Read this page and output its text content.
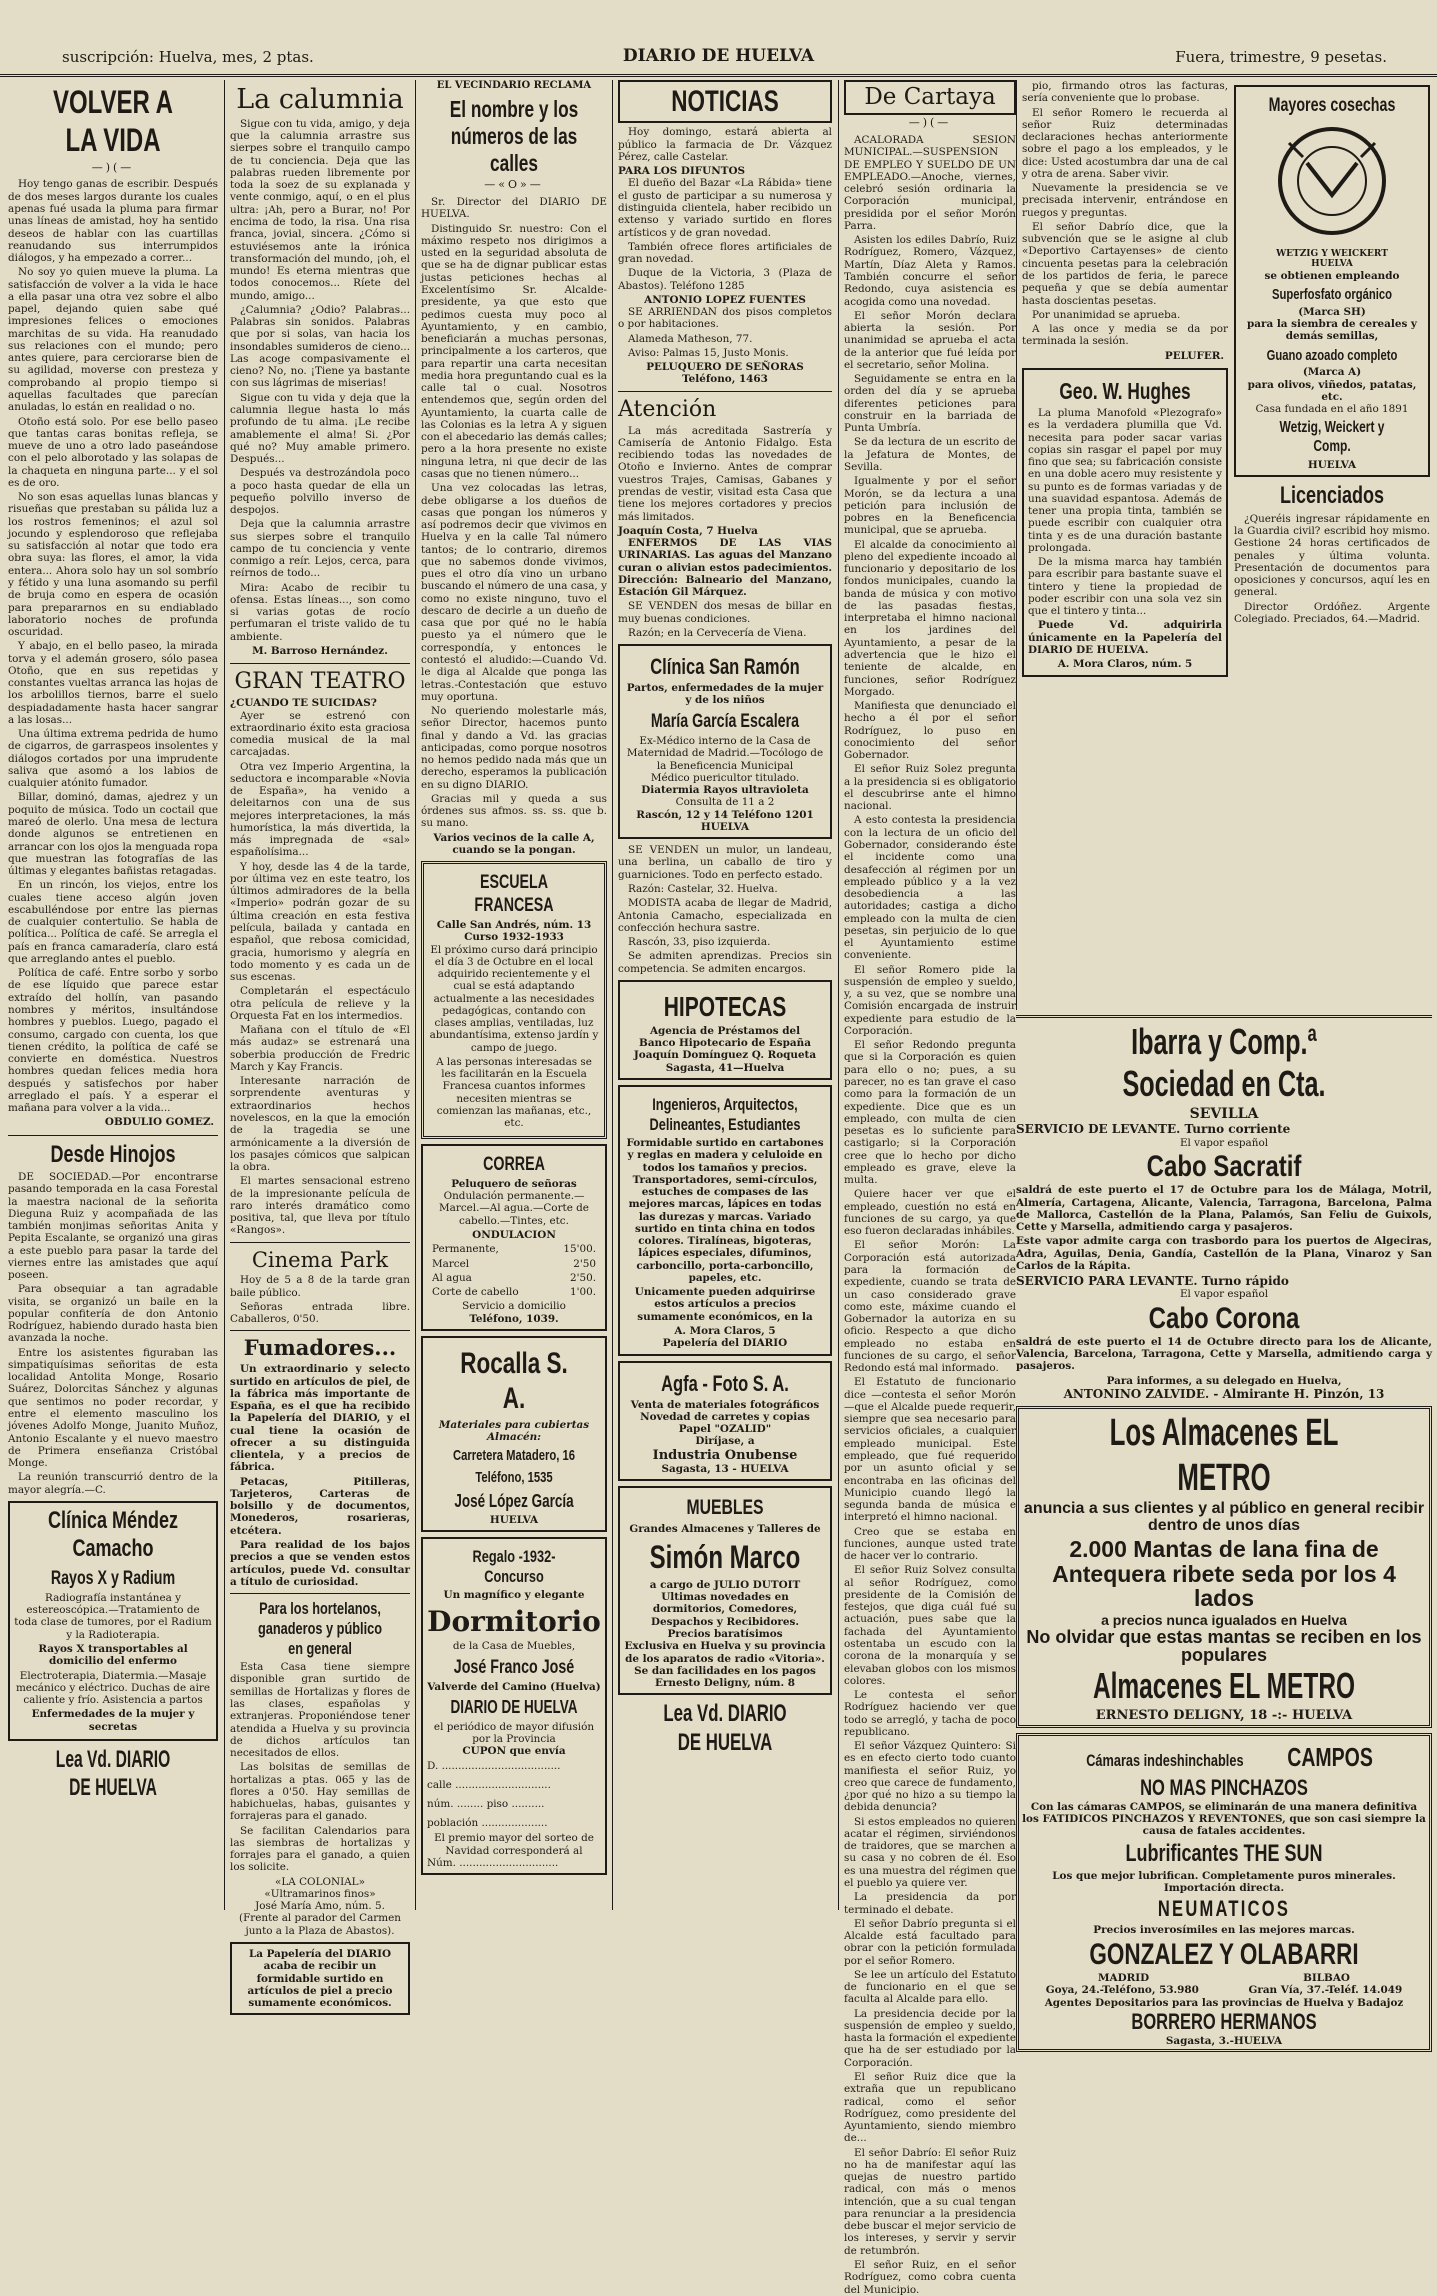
suscripción: Huelva, mes, 2 ptas.	DIARIO DE HUELVA	Fuera, trimestre, 9 pesetas.
VOLVER A LA VIDA
—)(—

Hoy tengo ganas de escribir. Después de dos meses largos durante los cuales apenas fué usada la pluma para firmar unas líneas de amistad, hoy ha sentido deseos de hablar con las cuartillas reanudando sus interrumpidos diálogos, y ha empezado a correr...

No soy yo quien mueve la pluma. La satisfacción de volver a la vida le hace a ella pasar una otra vez sobre el albo papel, dejando quien sabe qué impresiones felices o emociones marchitas de su vida. Ha reanudado sus relaciones con el mundo; pero antes quiere, para cerciorarse bien de su agilidad, moverse con presteza y comprobando al propio tiempo si aquellas facultades que parecían anuladas, lo están en realidad o no.

Otoño está solo. Por ese bello paseo que tantas caras bonitas refleja, se mueve de uno a otro lado paseándose con el pelo alborotado y las solapas de la chaqueta en ninguna parte... y el sol es de oro.

No son esas aquellas lunas blancas y risueñas que prestaban su pálida luz a los rostros femeninos; el azul sol jocundo y esplendoroso que reflejaba su satisfacción al notar que todo era obra suya: las flores, el amor, la vida entera... Ahora solo hay un sol sombrío y fétido y una luna asomando su perfil de bruja como en espera de ocasión para prepararnos en su endiablado laboratorio noches de profunda oscuridad.

Y abajo, en el bello paseo, la mirada torva y el ademán grosero, sólo pasea Otoño, que en sus repetidas y constantes vueltas arranca las hojas de los arbolillos tiernos, barre el suelo despiadadamente hasta hacer sangrar a las losas...

Una última extrema pedrida de humo de cigarros, de garraspeos insolentes y diálogos cortados por una imprudente saliva que asomó a los labios de cualquier atónito fumador.

Billar, dominó, damas, ajedrez y un poquito de música. Todo un coctail que mareó de olerlo. Una mesa de lectura donde algunos se entretienen en arrancar con los ojos la menguada ropa que muestran las fotografías de las últimas y elegantes bañistas retagadas.

En un rincón, los viejos, entre los cuales tiene acceso algún joven escabulléndose por entre las piernas de cualquier contertulio. Se habla de política... Política de café. Se arregla el país en franca camaradería, claro está que arreglando antes el pueblo.

Política de café. Entre sorbo y sorbo de ese líquido que parece estar extraído del hollín, van pasando nombres y méritos, insultándose hombres y pueblos. Luego, pagado el consumo, cargado con cuenta, los que tienen crédito, la política de café se convierte en doméstica. Nuestros hombres quedan felices media hora después y satisfechos por haber arreglado el país. Y a esperar el mañana para volver a la vida...

OBDULIO GOMEZ.
Desde Hinojos

DE SOCIEDAD.—Por encontrarse pasando temporada en la casa Forestal la maestra nacional de la señorita Dieguna Ruiz y acompañada de las también monjimas señoritas Anita y Pepita Escalante, se organizó una giras a este pueblo para pasar la tarde del viernes entre las amistades que aquí poseen.

Para obsequiar a tan agradable visita, se organizó un baile en la popular confitería de don Antonio Rodríguez, habiendo durado hasta bien avanzada la noche.

Entre los asistentes figuraban las simpatiquísimas señoritas de esta localidad Antolita Monge, Rosario Suárez, Dolorcitas Sánchez y algunas que sentimos no poder recordar, y entre el elemento masculino los jóvenes Adolfo Monge, Juanito Muñoz, Antonio Escalante y el nuevo maestro de Primera enseñanza Cristóbal Monge.

La reunión transcurrió dentro de la mayor alegría.—C.

Clínica Méndez Camacho
Rayos X y Radium

Radiografía instantánea y estereoscópica.—Tratamiento de toda clase de tumores, por el Radium y la Radioterapia.

Rayos X transportables al domicilio del enfermo

Electroterapia, Diatermia.—Masaje mecánico y eléctrico. Duchas de aire caliente y frío. Asistencia a partos

Enfermedades de la mujer y secretas

Lea Vd. DIARIO DE HUELVA
La calumnia

Sigue con tu vida, amigo, y deja que la calumnia arrastre sus sierpes sobre el tranquilo campo de tu conciencia. Deja que las palabras rueden libremente por toda la soez de su explanada y vente conmigo, aquí, o en el plus ultra: ¡Ah, pero a Burar, no! Por encima de todo, la risa. Una risa franca, jovial, sincera. ¿Cómo si estuviésemos ante la irónica transformación del mundo, ¡oh, el mundo! Es eterna mientras que todos conocemos... Ríete del mundo, amigo...

¿Calumnia? ¿Odio? Palabras... Palabras sin sonidos. Palabras que por si solas, van hacia los insondables sumideros de cieno... Las acoge compasivamente el cieno? No, no. ¡Tiene ya bastante con sus lágrimas de miserias!

Sigue con tu vida y deja que la calumnia llegue hasta lo más profundo de tu alma. ¡Le recibe amablemente el alma! Si. ¿Por qué no? Muy amable primero. Después...

Después va destrozándola poco a poco hasta quedar de ella un pequeño polvillo inverso de despojos.

Deja que la calumnia arrastre sus sierpes sobre el tranquilo campo de tu conciencia y vente conmigo a reír. Lejos, cerca, para reírnos de todo...

Mira: Acabo de recibir tu ofensa. Estas líneas..., son como si varias gotas de rocío perfumaran el triste valido de tu ambiente.

M. Barroso Hernández.
GRAN TEATRO
¿CUANDO TE SUICIDAS?

Ayer se estrenó con extraordinario éxito esta graciosa comedia musical de la mal carcajadas.

Otra vez Imperio Argentina, la seductora e incomparable «Novia de España», ha venido a deleitarnos con una de sus mejores interpretaciones, la más humorística, la más divertida, la más impregnada de «sal» españolísima...

Y hoy, desde las 4 de la tarde, por última vez en este teatro, los últimos admiradores de la bella «Imperio» podrán gozar de su última creación en esta festiva película, bailada y cantada en español, que rebosa comicidad, gracia, humorismo y alegría en todo momento y es cada un de sus escenas.

Completarán el espectáculo otra película de relieve y la Orquesta Fat en los intermedios.

Mañana con el título de «El más audaz» se estrenará una soberbia producción de Fredric March y Kay Francis.

Interesante narración de sorprendente aventuras y extraordinarios hechos novelescos, en la que la emoción de la tragedia se une armónicamente a la diversión de los pasajes cómicos que salpican la obra.

El martes sensacional estreno de la impresionante película de raro interés dramático como positiva, tal, que lleva por título «Rangos».

Cinema Park

Hoy de 5 a 8 de la tarde gran baile público.

Señoras entrada libre. Caballeros, 0'50.

Fumadores...

Un extraordinario y selecto surtido en artículos de piel, de la fábrica más importante de España, es el que ha recibido la Papelería del DIARIO, y el cual tiene la ocasión de ofrecer a su distinguida clientela, y a precios de fábrica.

Petacas, Pitilleras, Tarjeteros, Carteras de bolsillo y de documentos, Monederos, rosarieras, etcétera.

Para realidad de los bajos precios a que se venden estos artículos, puede Vd. consultar a título de curiosidad.

Para los hortelanos, ganaderos y público en general

Esta Casa tiene siempre disponible gran surtido de semillas de Hortalizas y flores de las clases, españolas y extranjeras. Proponiéndose tener atendida a Huelva y su provincia de dichos artículos tan necesitados de ellos.

Las bolsitas de semillas de hortalizas a ptas. 065 y las de flores a 0'50. Hay semillas de habichuelas, habas, guisantes y forrajeras para el ganado.

Se facilitan Calendarios para las siembras de hortalizas y forrajes para el ganado, a quien los solicite.

«LA COLONIAL»
«Ultramarinos finos»
José María Amo, núm. 5.
(Frente al parador del Carmen junto a la Plaza de Abastos).
La Papelería del DIARIO acaba de recibir un formidable surtido en artículos de piel a precio sumamente económicos.
EL VECINDARIO RECLAMA
El nombre y los números de las calles
—«O»—

Sr. Director del DIARIO DE HUELVA.

Distinguido Sr. nuestro: Con el máximo respeto nos dirigimos a usted en la seguridad absoluta de que se ha de dignar publicar estas justas peticiones hechas al Excelentísimo Sr. Alcalde-presidente, ya que esto que pedimos cuesta muy poco al Ayuntamiento, y en cambio, beneficiarán a muchas personas, principalmente a los carteros, que para repartir una carta necesitan media hora preguntando cual es la calle tal o cual. Nosotros entendemos que, según orden del Ayuntamiento, la cuarta calle de las Colonias es la letra A y siguen con el abecedario las demás calles; pero a la hora presente no existe ninguna letra, ni que decir de las casas que no tienen número...

Una vez colocadas las letras, debe obligarse a los dueños de casas que pongan los números y así podremos decir que vivimos en Huelva y en la calle Tal número tantos; de lo contrario, diremos que no sabemos donde vivimos, pues el otro día vino un urbano buscando el número de una casa, y como no existe ninguno, tuvo el descaro de decirle a un dueño de casa que por qué no le había puesto ya el número que le correspondía, y entonces le contestó el aludido:—Cuando Vd. le diga al Alcalde que ponga las letras.-Contestación que estuvo muy oportuna.

No queriendo molestarle más, señor Director, hacemos punto final y dando a Vd. las gracias anticipadas, como porque nosotros no hemos pedido nada más que un derecho, esperamos la publicación en su digno DIARIO.

Gracias mil y queda a sus órdenes sus afmos. ss. ss. que b. su mano.

Varios vecinos de la calle A, cuando se la pongan.
ESCUELA FRANCESA
Calle San Andrés, núm. 13
Curso 1932-1933

El próximo curso dará principio el día 3 de Octubre en el local adquirido recientemente y el cual se está adaptando actualmente a las necesidades pedagógicas, contando con clases amplias, ventiladas, luz abundantísima, extenso jardín y campo de juego.

A las personas interesadas se les facilitarán en la Escuela Francesa cuantos informes necesiten mientras se comienzan las mañanas, etc., etc.

CORREA
Peluquero de señoras

Ondulación permanente.—Marcel.—Al agua.—Corte de cabello.—Tintes, etc.

ONDULACION
Permanente,	15'00.
Marcel	2'50
Al agua	2'50.
Corte de cabello	1'00.
Servicio a domicilio
Teléfono, 1039.
Rocalla S. A.
Materiales para cubiertas
Almacén:
Carretera Matadero, 16
Teléfono, 1535
José López García
HUELVA
Regalo -1932- Concurso
Un magnífico y elegante
Dormitorio
de la Casa de Muebles,
José Franco José
Valverde del Camino (Huelva)
DIARIO DE HUELVA
el periódico de mayor difusión por la Provincia
CUPON que envía
D. ....................................
calle .............................
núm. ........ piso ..........
población ....................
El premio mayor del sorteo de Navidad corresponderá al
Núm. ..............................
NOTICIAS

Hoy domingo, estará abierta al público la farmacia de Dr. Vázquez Pérez, calle Castelar.

PARA LOS DIFUNTOS

El dueño del Bazar «La Rábida» tiene el gusto de participar a su numerosa y distinguida clientela, haber recibido un extenso y variado surtido en flores artísticos y de gran novedad.

También ofrece flores artificiales de gran novedad.

Duque de la Victoria, 3 (Plaza de Abastos). Teléfono 1285

ANTONIO LOPEZ FUENTES

SE ARRIENDAN dos pisos completos o por habitaciones.

Alameda Matheson, 77.

Aviso: Palmas 15, Justo Monis.

PELUQUERO DE SEÑORAS
Teléfono, 1463
Atención

La más acreditada Sastrería y Camisería de Antonio Fidalgo. Esta recibiendo todas las novedades de Otoño e Invierno. Antes de comprar vuestros Trajes, Camisas, Gabanes y prendas de vestir, visitad esta Casa que tiene los mejores cortadores y precios más limitados.

Joaquín Costa, 7 Huelva

ENFERMOS DE LAS VIAS URINARIAS. Las aguas del Manzano curan o alivian estos padecimientos. Dirección: Balneario del Manzano, Estación Gil Márquez.

SE VENDEN dos mesas de billar en muy buenas condiciones.

Razón; en la Cervecería de Viena.

Clínica San Ramón
Partos, enfermedades de la mujer y de los niños
María García Escalera
Ex-Médico interno de la Casa de Maternidad de Madrid.—Tocólogo de la Beneficencia Municipal
Médico puericultor titulado.
Diatermia Rayos ultravioleta
Consulta de 11 a 2
Rascón, 12 y 14 Teléfono 1201
HUELVA

SE VENDEN un mulor, un landeau, una berlina, un caballo de tiro y guarniciones. Todo en perfecto estado.

Razón: Castelar, 32. Huelva.

MODISTA acaba de llegar de Madrid, Antonia Camacho, especializada en confección hechura sastre.

Rascón, 33, piso izquierda.

Se admiten aprendizas. Precios sin competencia. Se admiten encargos.

HIPOTECAS
Agencia de Préstamos del
Banco Hipotecario de España
Joaquín Domínguez Q. Roqueta
Sagasta, 41—Huelva
Ingenieros, Arquitectos, Delineantes, Estudiantes

Formidable surtido en cartabones y reglas en madera y celuloide en todos los tamaños y precios. Transportadores, semi-círculos, estuches de compases de las mejores marcas, lápices en todas las durezas y marcas. Variado surtido en tinta china en todos colores. Tiralíneas, bigoteras, lápices especiales, difuminos, carboncillo, porta-carboncillo, papeles, etc.

Unicamente pueden adquirirse estos artículos a precios sumamente económicos, en la

A. Mora Claros, 5
Papelería del DIARIO
Agfa - Foto S. A.
Venta de materiales fotográficos
Novedad de carretes y copias
Papel "OZALID"
Diríjase, a
Industria Onubense
Sagasta, 13 - HUELVA
MUEBLES
Grandes Almacenes y Talleres de
Simón Marco
a cargo de JULIO DUTOIT
Ultimas novedades en dormitorios, Comedores, Despachos y Recibidores.
Precios baratísimos
Exclusiva en Huelva y su provincia de los aparatos de radio «Vitoria».
Se dan facilidades en los pagos
Ernesto Deligny, núm. 8
Lea Vd. DIARIO DE HUELVA
De Cartaya
—)(—

ACALORADA SESION MUNICIPAL.—SUSPENSION DE EMPLEO Y SUELDO DE UN EMPLEADO.—Anoche, viernes, celebró sesión ordinaria la Corporación municipal, presidida por el señor Morón Parra.

Asisten los ediles Dabrío, Ruiz Rodríguez, Romero, Vázquez, Martín, Díaz Aleta y Ramos. También concurre el señor Redondo, cuya asistencia es acogida como una novedad.

El señor Morón declara abierta la sesión. Por unanimidad se aprueba el acta de la anterior que fué leída por el secretario, señor Molina.

Seguidamente se entra en la orden del día y se aprueba diferentes peticiones para construir en la barriada de Punta Umbría.

Se da lectura de un escrito de la Jefatura de Montes, de Sevilla.

Igualmente y por el señor Morón, se da lectura a una petición para inclusión de pobres en la Beneficencia municipal, que se aprueba.

El alcalde da conocimiento al pleno del expediente incoado al funcionario y depositario de los fondos municipales, cuando la banda de música y con motivo de las pasadas fiestas, interpretaba el himno nacional en los jardines del Ayuntamiento, a pesar de la advertencia que le hizo el teniente de alcalde, en funciones, señor Rodríguez Morgado.

Manifiesta que denunciado el hecho a él por el señor Rodríguez, lo puso en conocimiento del señor Gobernador.

El señor Ruiz Solez pregunta a la presidencia si es obligatorio el descubrirse ante el himno nacional.

A esto contesta la presidencia con la lectura de un oficio del Gobernador, considerando éste el incidente como una desafección al régimen por un empleado público y a la vez desobediencia a las autoridades; castiga a dicho empleado con la multa de cien pesetas, sin perjuicio de lo que el Ayuntamiento estime conveniente.

El señor Romero pide la suspensión de empleo y sueldo, y, a su vez, que se nombre una Comisión encargada de instruir expediente para estudio de la Corporación.

El señor Redondo pregunta que si la Corporación es quien para ello o no; pues, a su parecer, no es tan grave el caso como para la formación de un expediente. Dice que es un empleado, con multa de cien pesetas es lo suficiente para castigarlo; si la Corporación cree que lo hecho por dicho empleado es grave, eleve la multa.

Quiere hacer ver que el empleado, cuestión no está en funciones de su cargo, ya que eso fueron declaradas inhábiles.

El señor Morón: La Corporación está autorizada para la formación de expediente, cuando se trata de un caso considerado grave como este, máxime cuando el Gobernador la autoriza en su oficio. Respecto a que dicho empleado no estaba en funciones de su cargo, el señor Redondo está mal informado.

El Estatuto de funcionario dice —contesta el señor Morón—que el Alcalde puede requerir, siempre que sea necesario para servicios oficiales, a cualquier empleado municipal. Este empleado, que fué requerido por un asunto oficial y se encontraba en las oficinas del Municipio cuando llegó la segunda banda de música e interpretó el himno nacional.

Creo que se estaba en funciones, aunque usted trate de hacer ver lo contrario.

El señor Ruiz Solvez consulta al señor Rodríguez, como presidente de la Comisión de festejos, que diga cuál fué su actuación, pues sabe que la fachada del Ayuntamiento ostentaba un escudo con la corona de la monarquía y se elevaban globos con los mismos colores.

Le contesta el señor Rodríguez haciendo ver que todo se arregló, y tacha de poco republicano.

El señor Vázquez Quintero: Si es en efecto cierto todo cuanto manifiesta el señor Ruiz, yo creo que carece de fundamento, ¿por qué no hizo a su tiempo la debida denuncia?

Si estos empleados no quieren acatar el régimen, sirviéndonos de traidores, que se marchen a su casa y no cobren de él. Eso es una muestra del régimen que el pueblo ya quiere ver.

La presidencia da por terminado el debate.

El señor Dabrío pregunta si el Alcalde está facultado para obrar con la petición formulada por el señor Romero.

Se lee un artículo del Estatuto de funcionario en el que se faculta al Alcalde para ello.

La presidencia decide por la suspensión de empleo y sueldo, hasta la formación el expediente que ha de ser estudiado por la Corporación.

El señor Ruiz dice que la extraña que un republicano radical, como el señor Rodríguez, como presidente del Ayuntamiento, siendo miembro de...

El señor Dabrío: El señor Ruiz no ha de manifestar aquí las quejas de nuestro partido radical, con más o menos intención, que a su cual tengan para renunciar a la presidencia debe buscar el mejor servicio de los intereses, y servir y servir de retumbrón.

El señor Ruiz, en el señor Rodríguez, como cobra cuenta del Municipio.

pio, firmando otros las facturas, sería conveniente que lo probase.

El señor Romero le recuerda al señor Ruiz determinadas declaraciones hechas anteriormente sobre el pago a los empleados, y le dice: Usted acostumbra dar una de cal y otra de arena. Saber vivir.

Nuevamente la presidencia se ve precisada intervenir, entrándose en ruegos y preguntas.

El señor Dabrío dice, que la subvención que se le asigne al club «Deportivo Cartayenses» de ciento cincuenta pesetas para la celebración de los partidos de feria, le parece pequeña y que se debía aumentar hasta doscientas pesetas.

Por unanimidad se aprueba.

A las once y media se da por terminada la sesión.

PELUFER.
Geo. W. Hughes

La pluma Manofold «Plezografo» es la verdadera plumilla que Vd. necesita para poder sacar varias copias sin rasgar el papel por muy fino que sea; su fabricación consiste en una doble acero muy resistente y su punto es de formas variadas y de una suavidad espantosa. Además de tener una propia tinta, también se puede escribir con cualquier otra tinta y es de una duración bastante prolongada.

De la misma marca hay también para escribir para bastante suave el tintero y tiene la propiedad de poder escribir con una sola vez sin que el tintero y tinta...

Puede Vd. adquirirla únicamente en la Papelería del DIARIO DE HUELVA.

A. Mora Claros, núm. 5
Mayores cosechas
WETZIG Y WEICKERT
HUELVA
se obtienen empleando
Superfosfato orgánico
(Marca SH)
para la siembra de cereales y demás semillas,
Guano azoado completo
(Marca A)
para olivos, viñedos, patatas, etc.
Casa fundada en el año 1891
Wetzig, Weickert y Comp.
HUELVA
Licenciados

¿Queréis ingresar rápidamente en la Guardia civil? escribid hoy mismo. Gestione 24 horas certificados de penales y última volunta. Presentación de documentos para oposiciones y concursos, aquí les en general.

Director Ordóñez. Argente Colegiado. Preciados, 64.—Madrid.

Ibarra y Comp.ª Sociedad en Cta.
SEVILLA
SERVICIO DE LEVANTE. Turno corriente
El vapor español
Cabo Sacratif

saldrá de este puerto el 17 de Octubre para los de Málaga, Motril, Almería, Cartagena, Alicante, Valencia, Tarragona, Barcelona, Palma de Mallorca, Castellón de la Plana, Palamós, San Feliu de Guixols, Cette y Marsella, admitiendo carga y pasajeros.

Este vapor admite carga con trasbordo para los puertos de Algeciras, Adra, Aguilas, Denia, Gandía, Castellón de la Plana, Vinaroz y San Carlos de la Rápita.

SERVICIO PARA LEVANTE. Turno rápido
El vapor español
Cabo Corona

saldrá de este puerto el 14 de Octubre directo para los de Alicante, Valencia, Barcelona, Tarragona, Cette y Marsella, admitiendo carga y pasajeros.

Para informes, a su delegado en Huelva,
ANTONINO ZALVIDE. - Almirante H. Pinzón, 13
Los Almacenes EL METRO
anuncia a sus clientes y al público en general recibir dentro de unos días
2.000 Mantas de lana fina de Antequera ribete seda por los 4 lados
a precios nunca igualados en Huelva
No olvidar que estas mantas se reciben en los populares
Almacenes EL METRO
ERNESTO DELIGNY, 18 -:- HUELVA
Cámaras indeshinchables CAMPOS
NO MAS PINCHAZOS
Con las cámaras CAMPOS, se eliminarán de una manera definitiva los FATIDICOS PINCHAZOS Y REVENTONES, que son casi siempre la causa de fatales accidentes.
Lubrificantes THE SUN
Los que mejor lubrifican. Completamente puros minerales. Importación directa.
NEUMATICOS
Precios inverosímiles en las mejores marcas.
GONZALEZ Y OLABARRI
MADRID	BILBAO
Goya, 24.-Teléfono, 53.980	Gran Vía, 37.-Teléf. 14.049
Agentes Depositarios para las provincias de Huelva y Badajoz
BORRERO HERMANOS
Sagasta, 3.-HUELVA
